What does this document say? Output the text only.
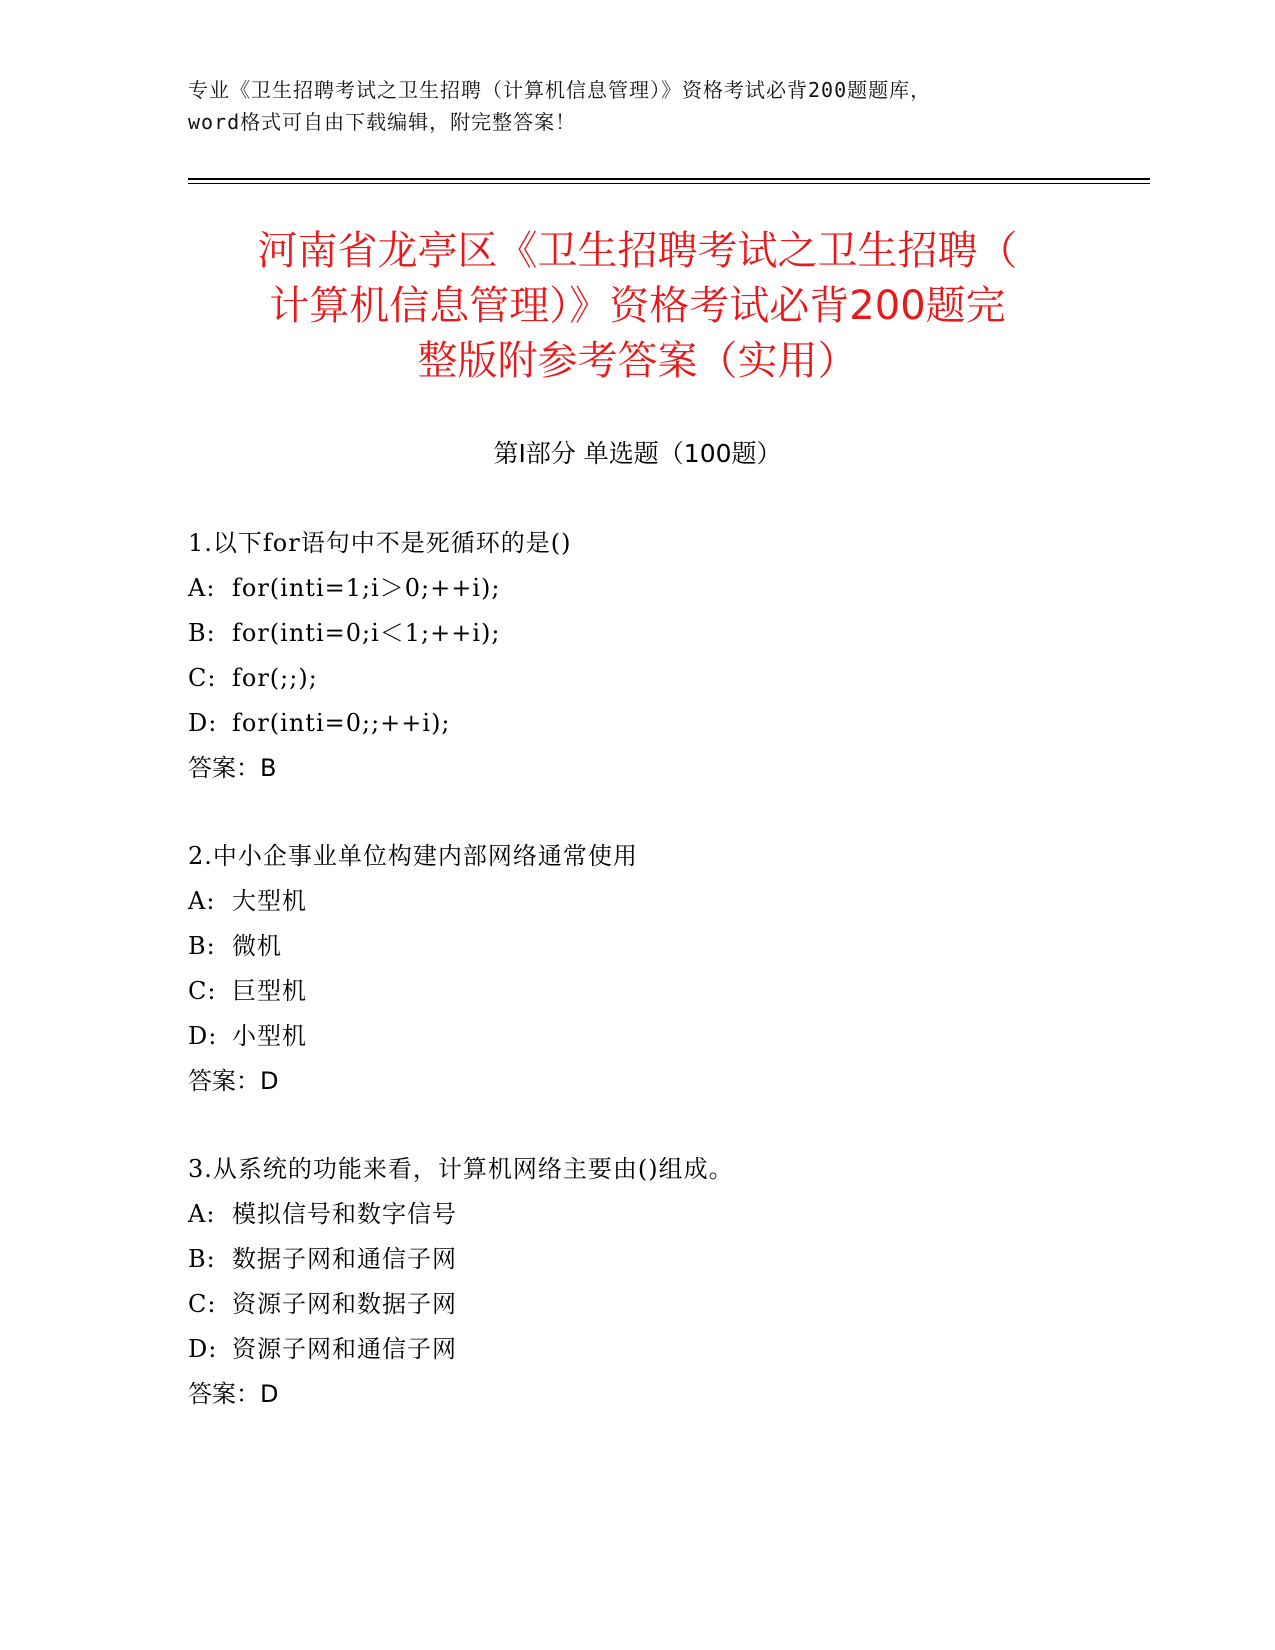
专业《卫生招聘考试之卫生招聘（计算机信息管理）》资格考试必背200题题库，
word格式可自由下载编辑，附完整答案！
河南省龙亭区《卫生招聘考试之卫生招聘（
计算机信息管理）》资格考试必背200题完
整版附参考答案（实用）
第Ⅰ部分 单选题（100题）
1.以下for语句中不是死循环的是()
A: for(inti=1;i＞0;++i);
B: for(inti=0;i＜1;++i);
C: for(;;);
D: for(inti=0;;++i);
答案：B
2.中小企事业单位构建内部网络通常使用
A: 大型机
B: 微机
C: 巨型机
D: 小型机
答案：D
3.从系统的功能来看，计算机网络主要由()组成。
A: 模拟信号和数字信号
B: 数据子网和通信子网
C: 资源子网和数据子网
D: 资源子网和通信子网
答案：D
